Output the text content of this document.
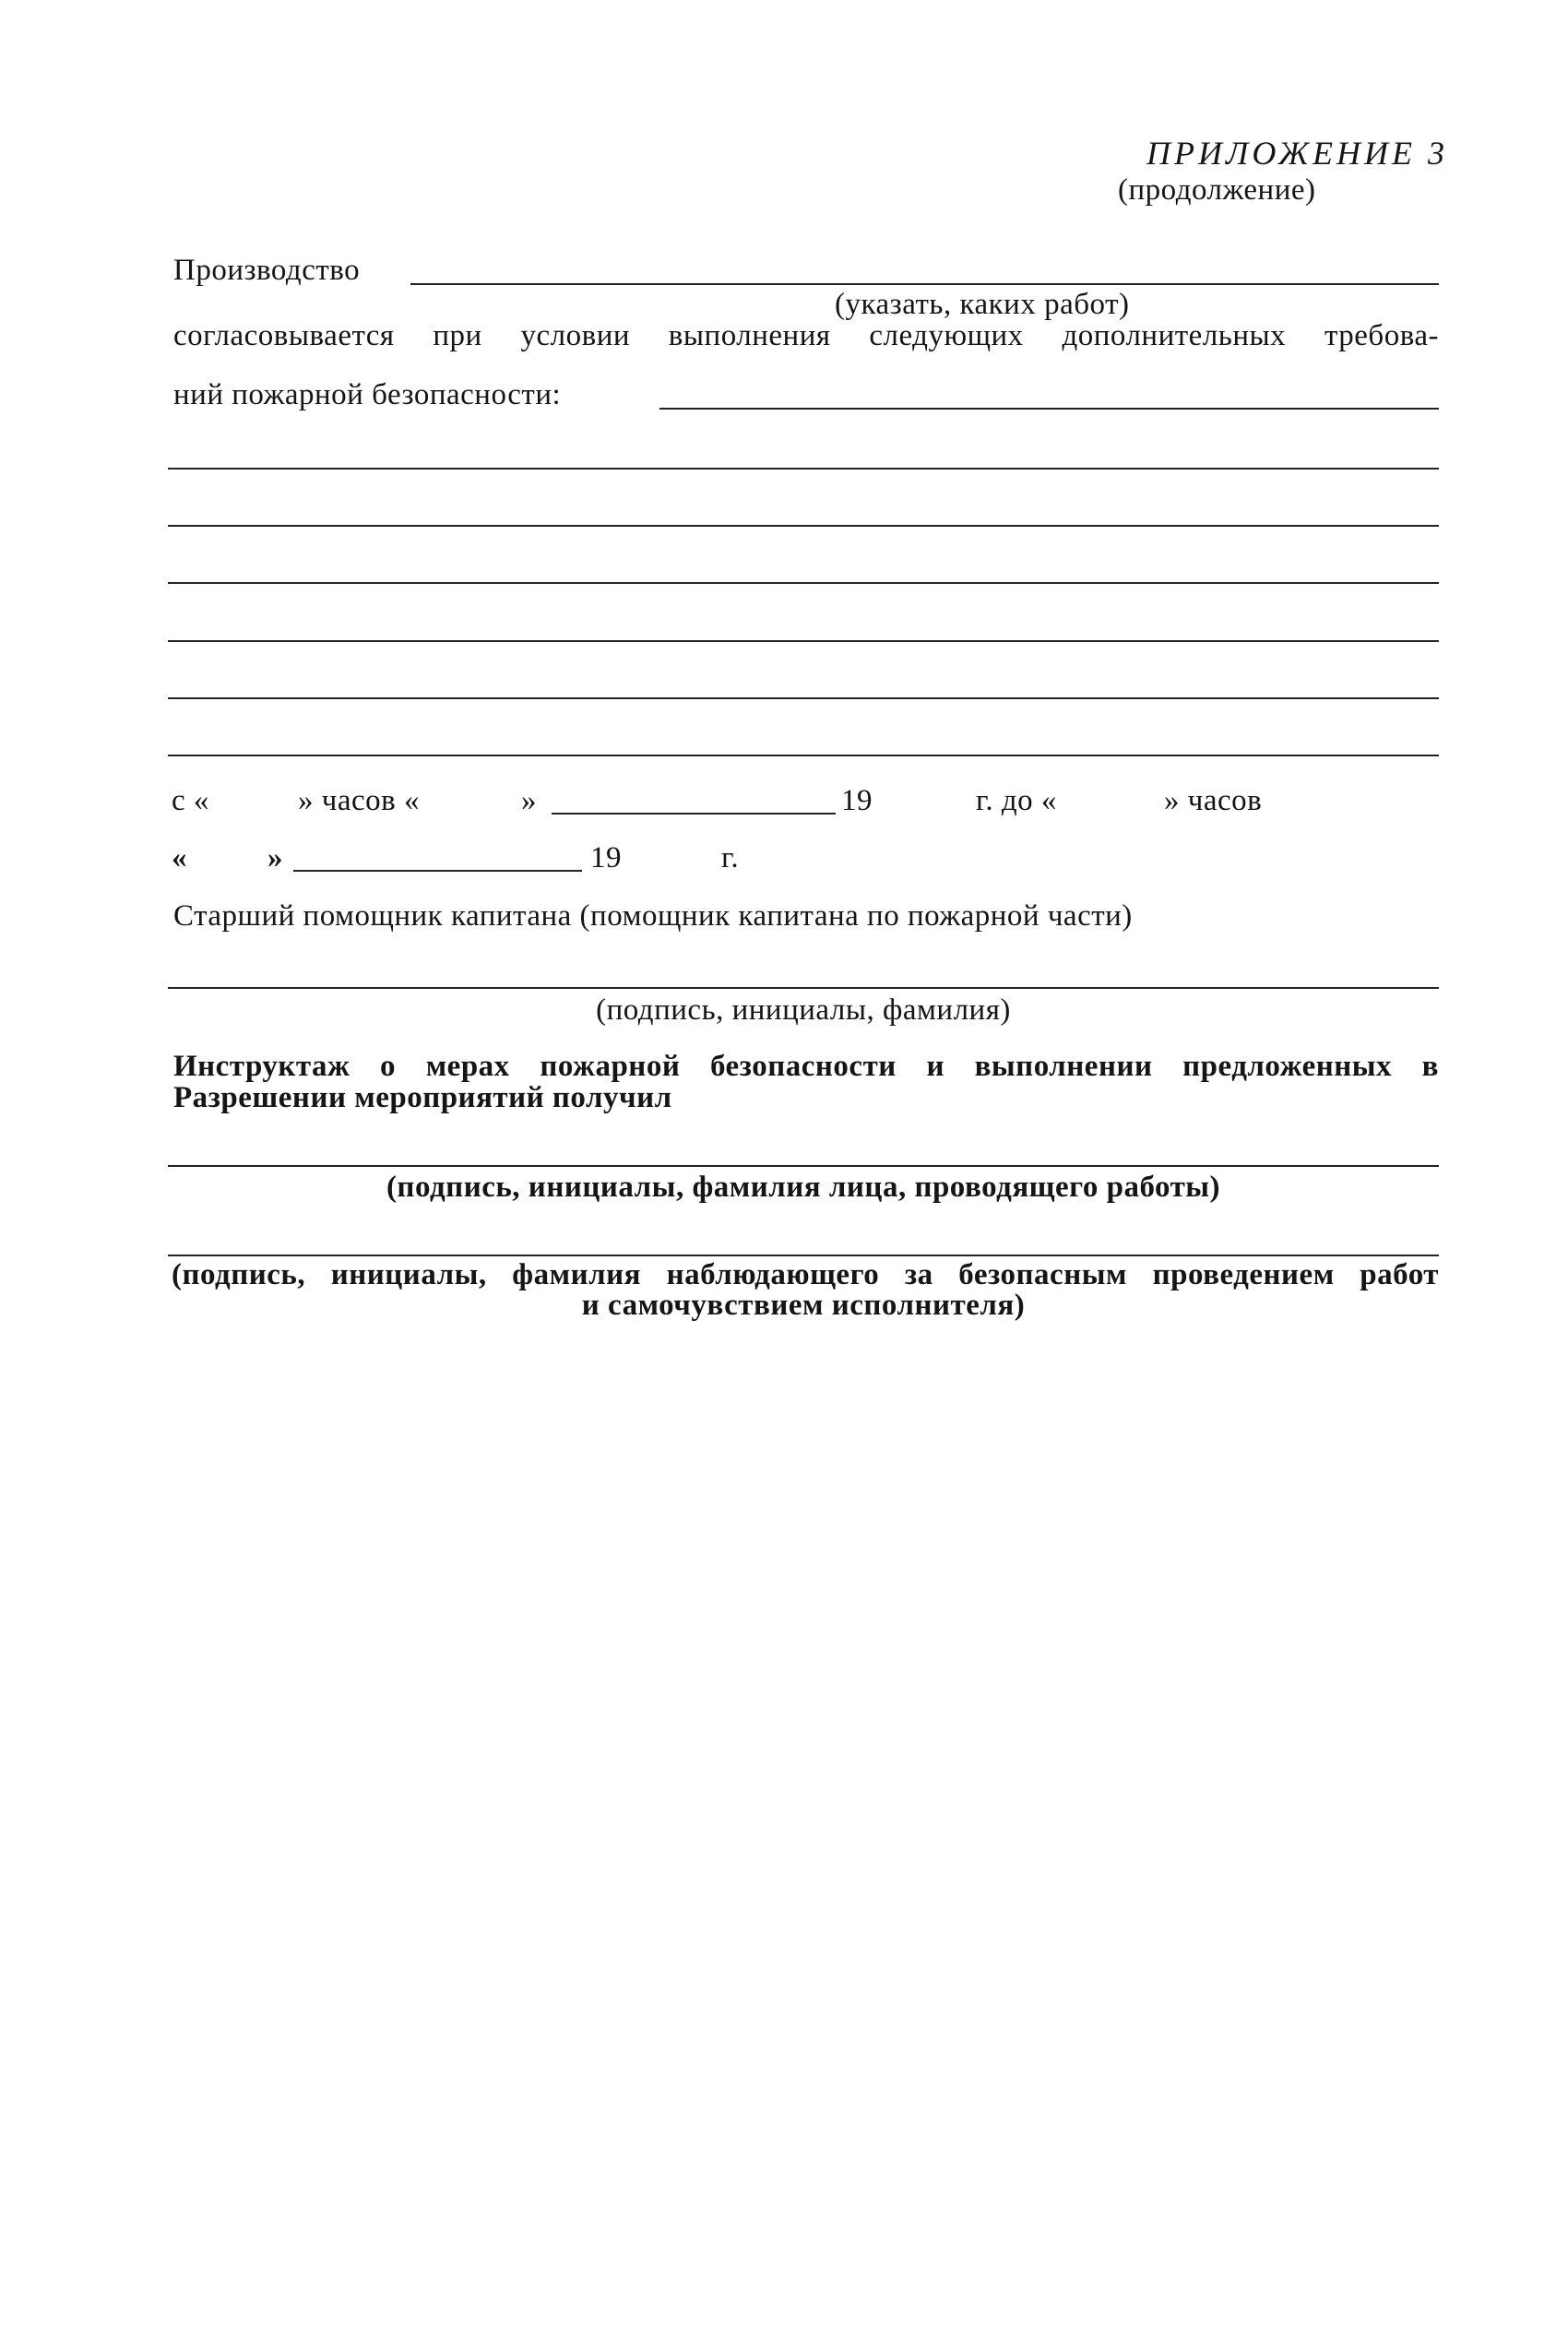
ПРИЛОЖЕНИЕ 3
(продолжение)
Производство
(указать, каких работ)
согласовывается при условии выполнения следующих дополнительных требова-
ний пожарной безопасности:
с «	» часов «	»	19	г. до «	» часов
«	»	19	г.
Старший помощник капитана (помощник капитана по пожарной части)
(подпись, инициалы, фамилия)
Инструктаж о мерах пожарной безопасности и выполнении предложенных в
Разрешении мероприятий получил
(подпись, инициалы, фамилия лица, проводящего работы)
(подпись, инициалы, фамилия наблюдающего за безопасным проведением работ
и самочувствием исполнителя)
